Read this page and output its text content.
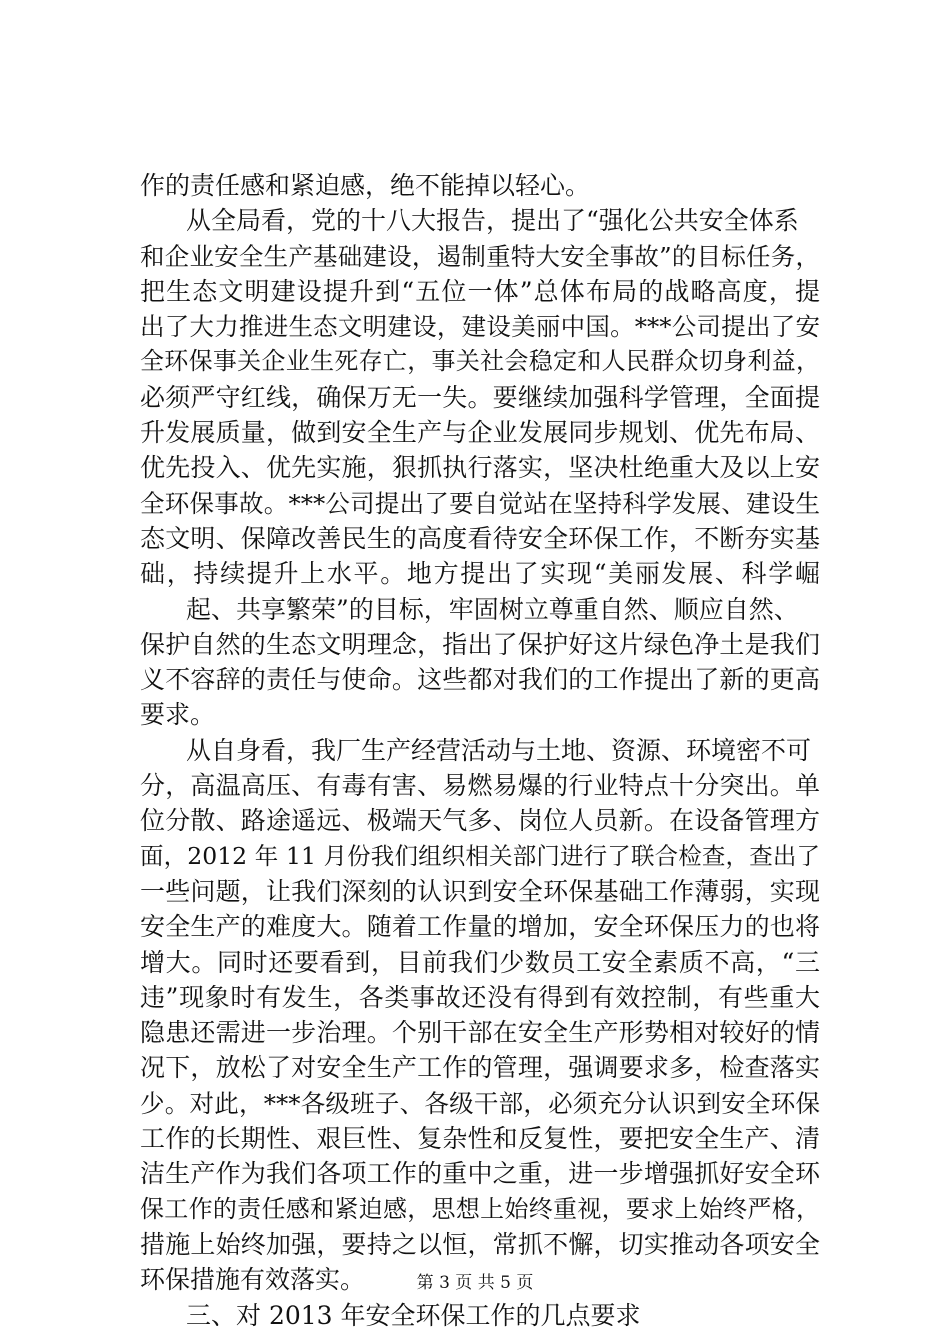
作的责任感和紧迫感，绝不能掉以轻心。
从全局看，党的十八大报告，提出了“强化公共安全体系
和企业安全生产基础建设，遏制重特大安全事故”的目标任务，
把生态文明建设提升到“五位一体”总体布局的战略高度，提
出了大力推进生态文明建设，建设美丽中国。***公司提出了安
全环保事关企业生死存亡，事关社会稳定和人民群众切身利益，
必须严守红线，确保万无一失。要继续加强科学管理，全面提
升发展质量，做到安全生产与企业发展同步规划、优先布局、
优先投入、优先实施，狠抓执行落实，坚决杜绝重大及以上安
全环保事故。***公司提出了要自觉站在坚持科学发展、建设生
态文明、保障改善民生的高度看待安全环保工作，不断夯实基
础，持续提升上水平。地方提出了实现“美丽发展、科学崛
起、共享繁荣”的目标，牢固树立尊重自然、顺应自然、
保护自然的生态文明理念，指出了保护好这片绿色净土是我们
义不容辞的责任与使命。这些都对我们的工作提出了新的更高
要求。
从自身看，我厂生产经营活动与土地、资源、环境密不可
分，高温高压、有毒有害、易燃易爆的行业特点十分突出。单
位分散、路途遥远、极端天气多、岗位人员新。在设备管理方
面，2012 年 11 月份我们组织相关部门进行了联合检查，查出了
一些问题，让我们深刻的认识到安全环保基础工作薄弱，实现
安全生产的难度大。随着工作量的增加，安全环保压力的也将
增大。同时还要看到，目前我们少数员工安全素质不高，“三
违”现象时有发生，各类事故还没有得到有效控制，有些重大
隐患还需进一步治理。个别干部在安全生产形势相对较好的情
况下，放松了对安全生产工作的管理，强调要求多，检查落实
少。对此，***各级班子、各级干部，必须充分认识到安全环保
工作的长期性、艰巨性、复杂性和反复性，要把安全生产、清
洁生产作为我们各项工作的重中之重，进一步增强抓好安全环
保工作的责任感和紧迫感，思想上始终重视，要求上始终严格，
措施上始终加强，要持之以恒，常抓不懈，切实推动各项安全
环保措施有效落实。
三、对 2013 年安全环保工作的几点要求
第 3 页 共 5 页
